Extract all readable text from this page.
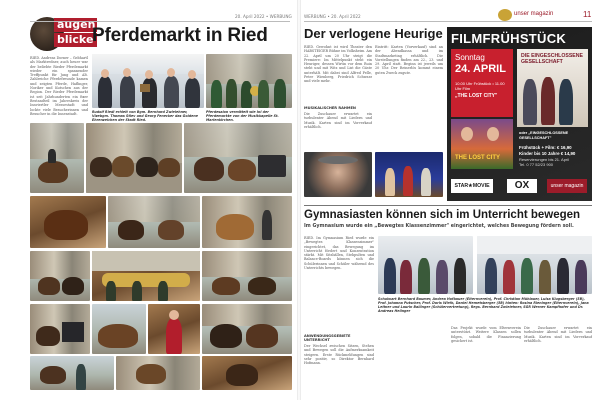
augen
blicke
20. April 2022 • WERBUNG
Pferdemarkt in Ried
RIED. Andreas Dorner – Gebhartl als Marktredner, auch heuer war der beliebte Rieder Pferdemarkt wieder ein spannender Treffpunkt für Jung und Alt. Zahlreiche Pferdefreunde kamen und zeigten Pferde, Haflinger, Noriker und Kutschen aus der Region. Der Rieder Pferdemarkt ist seit Jahrhunderten ein fixer Bestandteil im Jahreskreis der Innviertler Messestadt und lockte viele Besucherinnen und Besucher in die Innenstadt.	Rudolf Riedl erhielt von Bgm. Bernhard Zwielehner, Vizebgm. Thomas Stiev und Georg Fenecker das Goldene Ehrenzeichen der Stadt Ried.
Pferdesalon vermittelt wie Ini der Pferdemarkte von der Musikkapelle St. Marienkirchen.
WERBUNG • 20. April 2022	unser magazin	11
Der verlogene Heurige
RIED. Gewohnt ist wird Theater den HABSTEIGER Bühne im Volksheim. Am 22. April um 20 Uhr steigt die Premiere: Im Mittelpunkt steht ein Heuriger, dessen Wirtin vor dem Ruin steht und mit Witz und List die Gäste unterhält. Mit dabei sind Alfred Pelle, Peter Wienberg, Friedrich Schwarz und viele mehr.
MUSIKALISCHER RAHMEN
Die Zuschauer erwartet ein turbulenter Abend mit Liedern und Musik. Karten sind im Vorverkauf erhältlich.
Eintritt: Karten (Vorverkauf) sind an der Abendkassa und im Stadtmarketing erhältlich. Die Vorstellungen finden am 22., 23. und 29. April statt. Beginn ist jeweils um 20 Uhr. Der Reinerlös kommt einem guten Zweck zugute.
FILMFRÜHSTÜCK
Sonntag
24. APRIL
10.00 Uhr Frühstück • 11.00 Uhr Film
„THE LOST CITY"
THE LOST CITY
DIE EINGESCHLOSSENE GESELLSCHAFT
oder „EINGESCHLOSSENE GESELLSCHAFT"
Frühstück + Film: € 16,90
Kinder bis 10 Jahre € 14,90
Reservierungen bis 21. April
Tel. 0 77 52/23 900
STAR★MOVIE	OX	unser magazin
Gymnasiasten können sich im Unterricht bewegen
Im Gymnasium wurde ein „Bewegtes Klassenzimmer" eingerichtet, welches Bewegung fördern soll.
RIED. Im Gymnasium Ried wurde ein „Bewegtes Klassenzimmer" eingerichtet, das Bewegung im Unterricht fördert und Konzentration stärkt. Mit Sitzbällen, Stehpulten und Balance-Boards können sich die Schülerinnen und Schüler während des Unterrichts bewegen.
ANWENDUNGSGEBIETE UNTERRICHT
Der Wechsel zwischen Sitzen, Stehen und Bewegen soll die Aufmerksamkeit steigern. Erste Rückmeldungen sind sehr positiv, so Direktor Bernhard Hofmann.
Schulwart Bernhard Baumer, Andrea Hofbauer (Elternverein), Prof. Christian Mühlauer, Luisa Klugsberger (5B), Prof. Johanna Putscher, Prof. Doris Wirth, Daniel Hemetsberger (5B) hinten: Rosina Rieninger (Elternverein), Jana Leitner und Laurin Ballinger (Schülervertretung), Regs. Bernhard Zwielehner, SGR Werner Kampfhofer und Dr. Andreas Helinger
Das Projekt wurde vom Elternverein unterstützt. Weitere Klassen sollen folgen, sobald die Finanzierung gesichert ist.
Die Zuschauer erwartet ein turbulenter Abend mit Liedern und Musik. Karten sind im Vorverkauf erhältlich.
